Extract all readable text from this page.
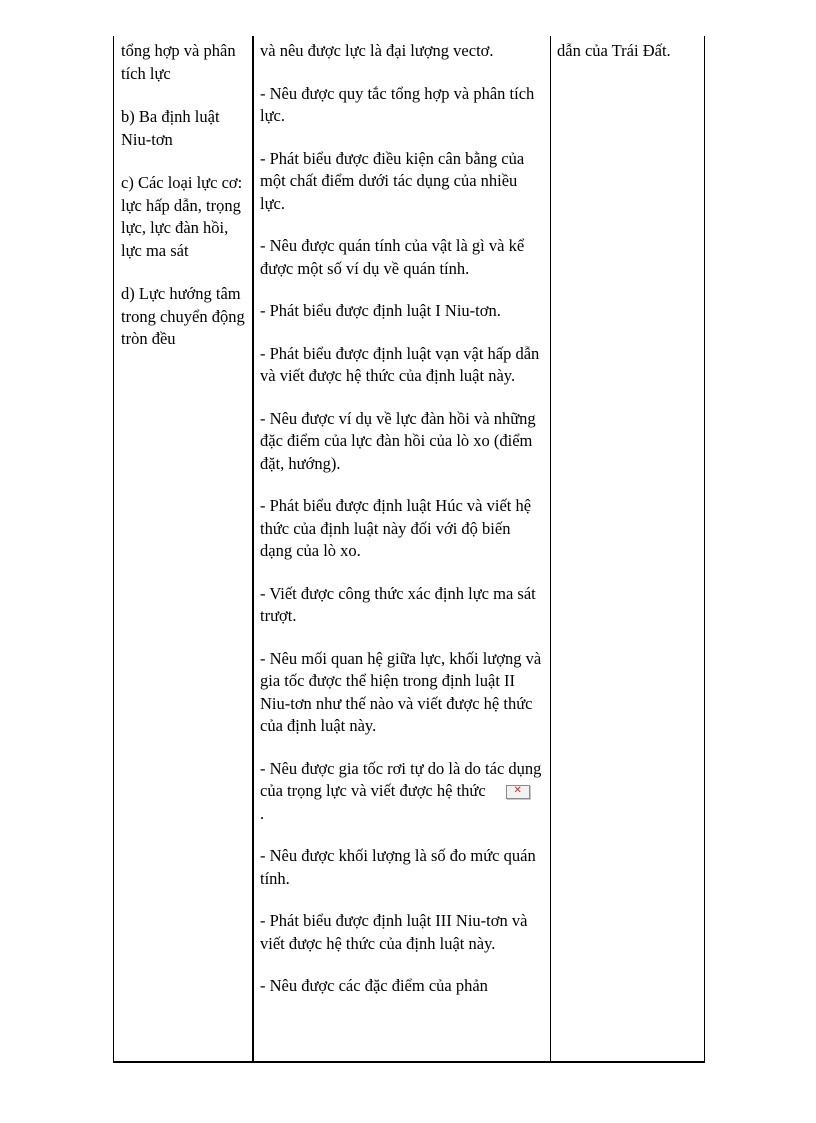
tổng hợp và phân tích lực

b) Ba định luật Niu-tơn

c) Các loại lực cơ: lực hấp dẫn, trọng lực, lực đàn hồi, lực ma sát

d) Lực hướng tâm trong chuyển động tròn đều

và nêu được lực là đại lượng vectơ.

- Nêu được quy tắc tổng hợp và phân tích lực.

- Phát biểu được điều kiện cân bằng của một chất điểm dưới tác dụng của nhiều lực.

- Nêu được quán tính của vật là gì và kể được một số ví dụ về quán tính.

- Phát biểu được định luật I Niu-tơn.

- Phát biểu được định luật vạn vật hấp dẫn và viết được hệ thức của định luật này.

- Nêu được ví dụ về lực đàn hồi và những đặc điểm của lực đàn hồi của lò xo (điểm đặt, hướng).

- Phát biểu được định luật Húc và viết hệ thức của định luật này đối với độ biến dạng của lò xo.

- Viết được công thức xác định lực ma sát trượt.

- Nêu mối quan hệ giữa lực, khối lượng và gia tốc được thể hiện trong định luật II Niu-tơn như thế nào và viết được hệ thức của định luật này.

- Nêu được gia tốc rơi tự do là do tác dụng của trọng lực và viết được hệ thức	✕
.

- Nêu được khối lượng là số đo mức quán tính.

- Phát biểu được định luật III Niu-tơn và viết được hệ thức của định luật này.

- Nêu được các đặc điểm của phản

dẫn của Trái Đất.
